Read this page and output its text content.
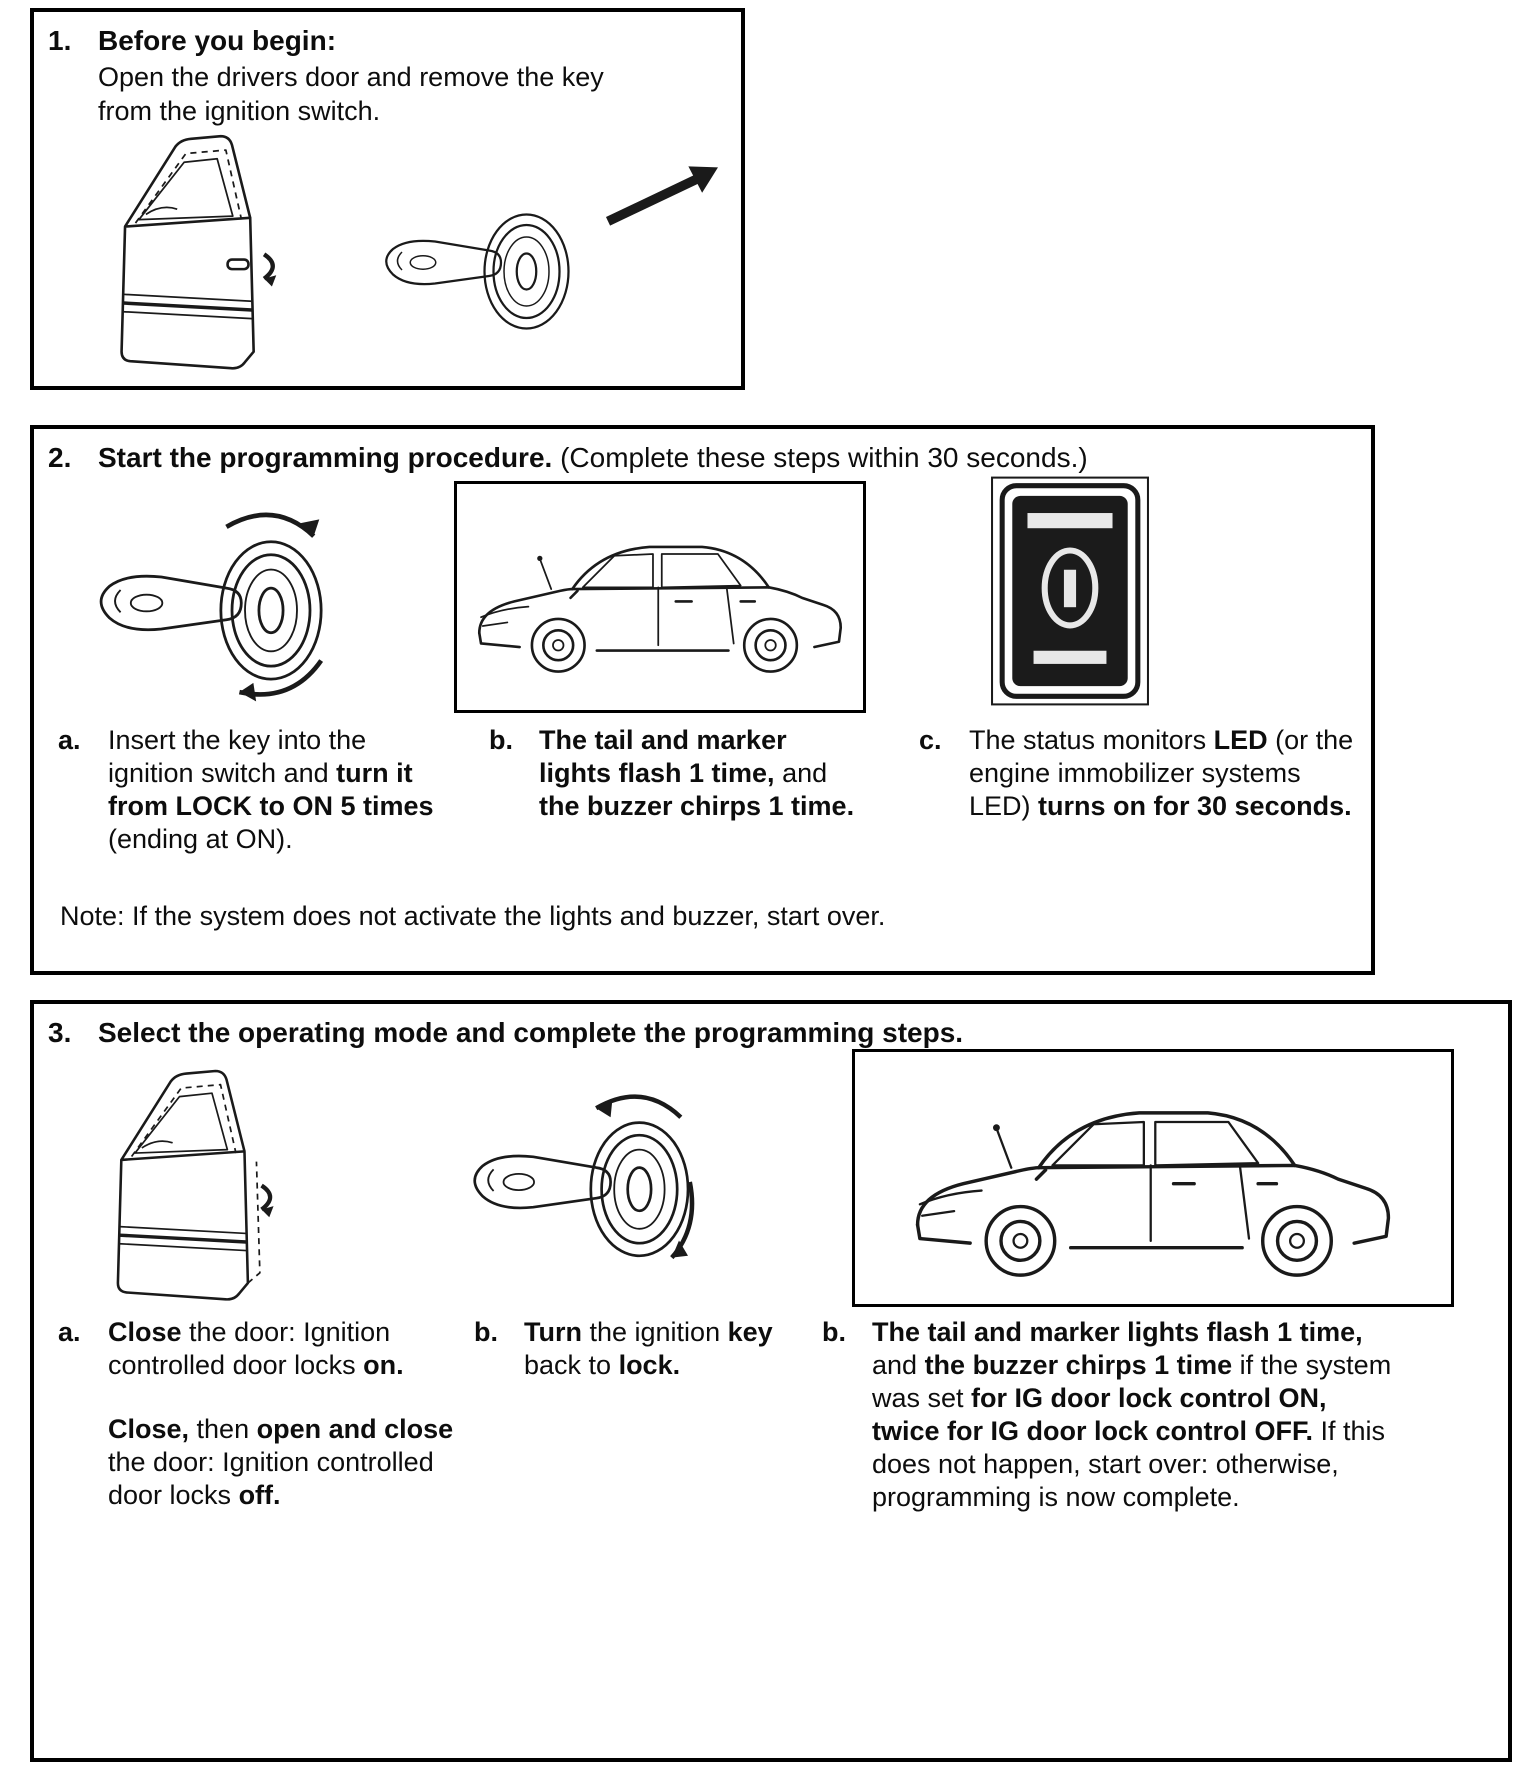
1. Before you begin:

Open the drivers door and remove the key from the ignition switch.

2. Start the programming procedure. (Complete these steps within 30 seconds.)
a.	Insert the key into the ignition switch and turn it from LOCK to ON 5 times (ending at ON).
b. The tail and marker lights flash 1 time, and the buzzer chirps 1 time.
c.	The status monitors LED (or the engine immobilizer systems LED) turns on for 30 seconds.

Note: If the system does not activate the lights and buzzer, start over.

3. Select the operating mode and complete the programming steps.
a.	Close the door: Ignition controlled door locks on.

Close, then open and close the door: Ignition controlled door locks off.

b. Turn the ignition key back to lock.

b. The tail and marker lights flash 1 time, and the buzzer chirps 1 time if the system was set for IG door lock control ON, twice for IG door lock control OFF. If this does not happen, start over: otherwise, programming is now complete.
